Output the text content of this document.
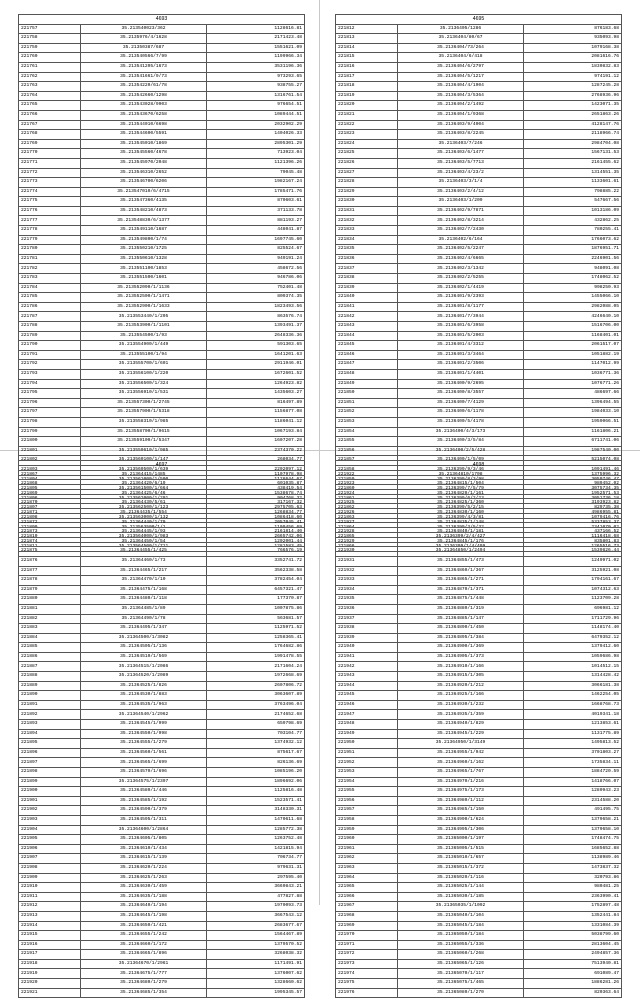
4693		
221757	35.213540023/362	1128616.81
221758	35.2135976/4/1628	2171423.48
221759	35.21350387/687	1551621.09
221760	35.213540566/7/99	1199966.34
221761	35.213541205/1673	3531196.36
221762	35.213541661/9/73	973293.65
221763	35.21354220/61/78	938755.27
221764	35.213542660/1298	1316761.54
221765	35.213543028/9903	976654.51
221766	35.213543670/6258	1089444.51
221767	35.213544010/6698	2032902.29
221768	35.213544600/5591	1404026.33
221769	35.213545010/1869	2895301.29
221770	35.213545560/4678	713923.04
221771	35.213545970/2048	1121396.26
221772	35.213546310/2652	79045.48
221773	35.213546700/6206	1982167.24
221774	35.213547010/6/4715	1785471.76
221775	35.213547360/4135	870603.61
221776	35.213548210/4873	371133.78
221777	35.213548830/6/1377	881193.27
221778	35.213549110/1687	448041.87
221779	35.213549800/1/74	1697745.60
221780	35.213550210/1725	825524.67
221781	35.213550610/1328	949191.24
221782	35.213551100/1853	458672.56
221783	35.213551500/1601	946786.06
221784	35.213552090/1/1136	752401.48
221785	35.213552500/1/1471	809374.35
221786	35.213552900/1/1633	1823493.56
221787	35.213553440/1/205	863576.74
221788	35.213553900/1/1101	1393491.37
221789	35.213554500/1/93	2648336.36
221790	35.213554900/1/449	591303.65
221791	35.213555100/1/94	1641201.63
221792	35.213555700/1/601	2911946.01
221793	35.213556100/1/220	1672601.52
221794	35.213556500/1/324	1264923.82
221795	35.213556910/1/531	1435603.27
221796	35.213557300/1/2745	816497.89
221797	35.213557900/1/5318	1156877.08
221798	35.213558310/1/985	1186041.12
221799	35.213558700/1/9615	1067193.84
221800	35.213559100/1/5347	1607207.28
221801	35.213559610/1/985	2374370.22
221802	35.213560100/1/147	268034.77
221803	35.213560500/1/639	2202097.12
221804	35.213561000/1/500	1128644.67
221805	35.213561500/1/664	438419.54
221806	35.213562000/1/291	904768.32
221807	35.213562500/1/123	2975705.63
221808	35.213563000/1/132	1086418.60
221809	35.213563500/1/1	1109456.69
221810	35.213564000/1/983	2665742.06
221811	35.213564500/1/711	1281583.45
4695		
221812	35.2136405/1286	876183.68
221813	35.2136404/80/67	935093.98
221814	35.2136404/73/264	1079168.38
221815	35.2136404/6/418	2081616.76
221816	35.2136404/6/2797	1830832.83
221817	35.2136404/5/1217	974191.12
221818	35.2136404/4/1904	1287245.28
221819	35.2136404/3/5364	2768936.96
221820	35.2136404/2/1492	1423071.35
221821	35.2136404/1/9368	2651863.26
221822	35.2136403/9/4004	4128147.76
221823	35.2136403/8/2245	2118966.74
221824	35.2136403/7/246	2984704.08
221825	35.2136403/6/1477	1567131.53
221826	35.2136403/5/7713	2161455.62
221827	35.2136403/4/23/2	1314551.35
221828	35.2136403/3/1/4	1133601.61
221829	35.2136403/2/4/12	798885.22
221830	35.2136403/1/209	547667.56
221831	35.2136402/9/7871	1013186.09
221832	35.2136402/8/3214	432862.25
221833	35.2136402/7/2430	780255.41
221834	35.2136402/6/164	1766073.62
221835	35.2136402/5/2247	1876951.71
221836	35.2136402/4/6665	2246901.56
221837	35.2136402/3/1342	948091.08
221838	35.2136402/2/5255	1748062.52
221839	35.2136402/1/4419	998250.93
221840	35.2136401/9/2393	1455066.10
221841	35.2136401/8/1177	2982088.05
221842	35.2136401/7/3944	4246640.10
221843	35.2136401/6/3958	1516706.00
221844	35.2136401/5/2003	1168401.01
221845	35.2136401/4/3312	2061517.07
221846	35.2136401/3/3464	1051882.19
221847	35.2136401/2/3506	1147012.99
221848	35.2136401/1/4401	1036771.36
221849	35.2136400/9/2695	1076771.26
221850	35.2136400/8/3557	486697.66
221851	35.2136400/7/4129	1396494.55
221852	35.2136400/6/1178	1984033.10
221853	35.2136400/5/4178	1959066.51
221854	35.2136400/4/3/173	1161806.21
221855	35.2136400/3/5/84	6711741.06
221856	35.2136400/2/5/428	1987540.00
221857	35.2136400/1/5/09	5215074.08
221858	35.2136399/9/3/46	1091491.46
221859	35.2136399/8/3/98	3059746.47
221860	35.2136399/7/5/79	3075734.35
221861	35.2136399/6/2/23	3051736.18
221862	35.2136399/5/2/15	829735.38
221863	35.2136399/4/3/81	1079416.76
221864	35.2136399/3/5/32	2341070.02
221865	35.2136399/2/4/427	1116418.68
221866	35.2136399/1/4/499	1265516.73
4697		
221867	35.21364415/1485	1107978.98
221868	35.21364420/6/19	601035.87
221869	35.21364425/6/46	1538678.74
221870	35.21364430/5/61	317167.32
221871	35.21364435/1/554	1268834.77
221872	35.21364440/1/79	2057045.41
221873	35.21364445/1/93	2161814.40
221874	35.21364450/1/54	1202001.44
221875	35.21364455/1/425	766576.19
221876	35.21364460/1/73	3352741.72
221877	35.21364465/1/217	3562338.58
221878	35.21364470/1/10	3782454.04
221879	35.21364475/1/168	6457321.47
221880	35.21364480/1/118	177370.87
221881	35.21364485/1/89	1007875.86
221882	35.21364490/1/78	563681.57
221883	35.21364495/1/347	1125971.52
221884	35.21364500/1/3082	1258365.41
221885	35.21364505/1/136	1764682.86
221886	35.21364510/1/569	1991478.55
221887	35.21364515/1/2086	2171604.24
221888	35.21364520/1/2089	1972668.69
221889	35.21364525/1/826	2607806.72
221890	35.21364530/1/883	3063607.89
221891	35.21364535/1/963	3763496.04
221892	35.21364540/1/2962	2174652.68
221893	35.21364545/1/999	659798.69
221894	35.21364550/1/998	703104.77
221895	35.21364555/1/279	1374932.12
221896	35.21364560/1/561	875617.67
221897	35.21364565/1/699	826136.69
221898	35.21364570/1/696	1085196.20
221899	35.21364575/1/2397	1896692.06
221900	35.21364580/1/446	1125816.48
221901	35.21364585/1/192	1523571.41
221902	35.21364590/1/379	3148330.31
221903	35.21364595/1/311	1470611.68
221904	35.21364600/1/2864	1285772.38
221905	35.21364605/1/805	1263752.48
221906	35.21364610/1/434	1421815.94
221907	35.21364615/1/139	706734.77
221908	35.21364620/1/224	979631.31
221909	35.21364625/1/263	297595.40
221910	35.21364630/1/459	3660843.21
221911	35.21364635/1/188	477827.88
221912	35.21364640/1/194	1970093.73
221913	35.21364645/1/198	3667543.12
221914	35.21364650/1/421	2683677.67
221915	35.21364655/1/242	1564467.89
221916	35.21364660/1/172	1379570.52
221917	35.21364665/1/896	3268038.32
221918	35.21364670/1/2961	1171491.91
221919	35.21364675/1/777	1376007.62
221920	35.21364680/1/279	1328660.62
221921	35.21364685/1/354	1995345.57
4698		
221922	35.21364810/1708	1375996.32
221923	35.21364815/1/504	989452.02
221924	35.21364820/1/161	1952571.53
221925	35.21364825/1/360	3193923.82
221926	35.21364830/1/160	4986955.81
221927	35.21364835/1/148	5337853.37
221928	35.21364840/1/181	437166.52
221929	35.21364845/1/176	835801.83
221930	35.21364850/1/2494	1539826.44
221931	35.21364855/1/473	1249971.02
221932	35.21364860/1/367	3125921.08
221933	35.21364865/1/271	1794161.67
221934	35.21364870/1/371	1074312.63
221935	35.21364875/1/448	1123709.28
221936	35.21364880/1/319	696981.12
221937	35.21364885/1/147	1711729.96
221938	35.21364890/1/450	1148174.40
221939	35.21364895/1/384	6479352.12
221940	35.21364900/1/369	1379412.60
221941	35.21364905/1/373	1059686.98
221942	35.21364910/1/166	1014512.15
221943	35.21364915/1/305	1314428.42
221944	35.21364920/1/212	3066181.38
221945	35.21364925/1/166	1462254.05
221946	35.21364930/1/232	1668768.73
221947	35.21364935/1/359	4019341.18
221948	35.21364940/1/829	1213853.61
221949	35.21364945/1/229	1131775.89
221950	35.21364950/1/3149	1495813.52
221951	35.21364955/1/942	3701803.27
221952	35.21364960/1/162	1735834.11
221953	35.21364965/1/767	1884720.59
221954	35.21364970/1/216	1418766.07
221955	35.21364975/1/173	1280943.23
221956	35.21364980/1/112	2314588.20
221957	35.21364985/1/150	491495.75
221958	35.21364990/1/624	1379658.21
221959	35.21364995/1/306	1379658.10
221960	35.21365000/1/197	1748474.75
221961	35.21365005/1/515	1685652.88
221962	35.21365010/1/657	1138989.46
221963	35.21365015/1/372	1473837.32
221964	35.21365020/1/116	320793.86
221965	35.21365025/1/144	980481.25
221966	35.21365030/1/185	2363990.41
221967	35.21365035/1/1092	1752897.48
221968	35.21365040/1/104	1352441.84
221969	35.21365045/1/184	1331084.39
221970	35.21365050/1/184	5038799.60
221971	35.21365055/1/336	2813604.45
221972	35.21365060/1/268	2494857.36
221973	35.21365065/1/126	7513940.81
221974	35.21365070/1/117	691089.47
221975	35.21365075/1/465	1886281.26
221976	35.21365080/1/270	820363.64
